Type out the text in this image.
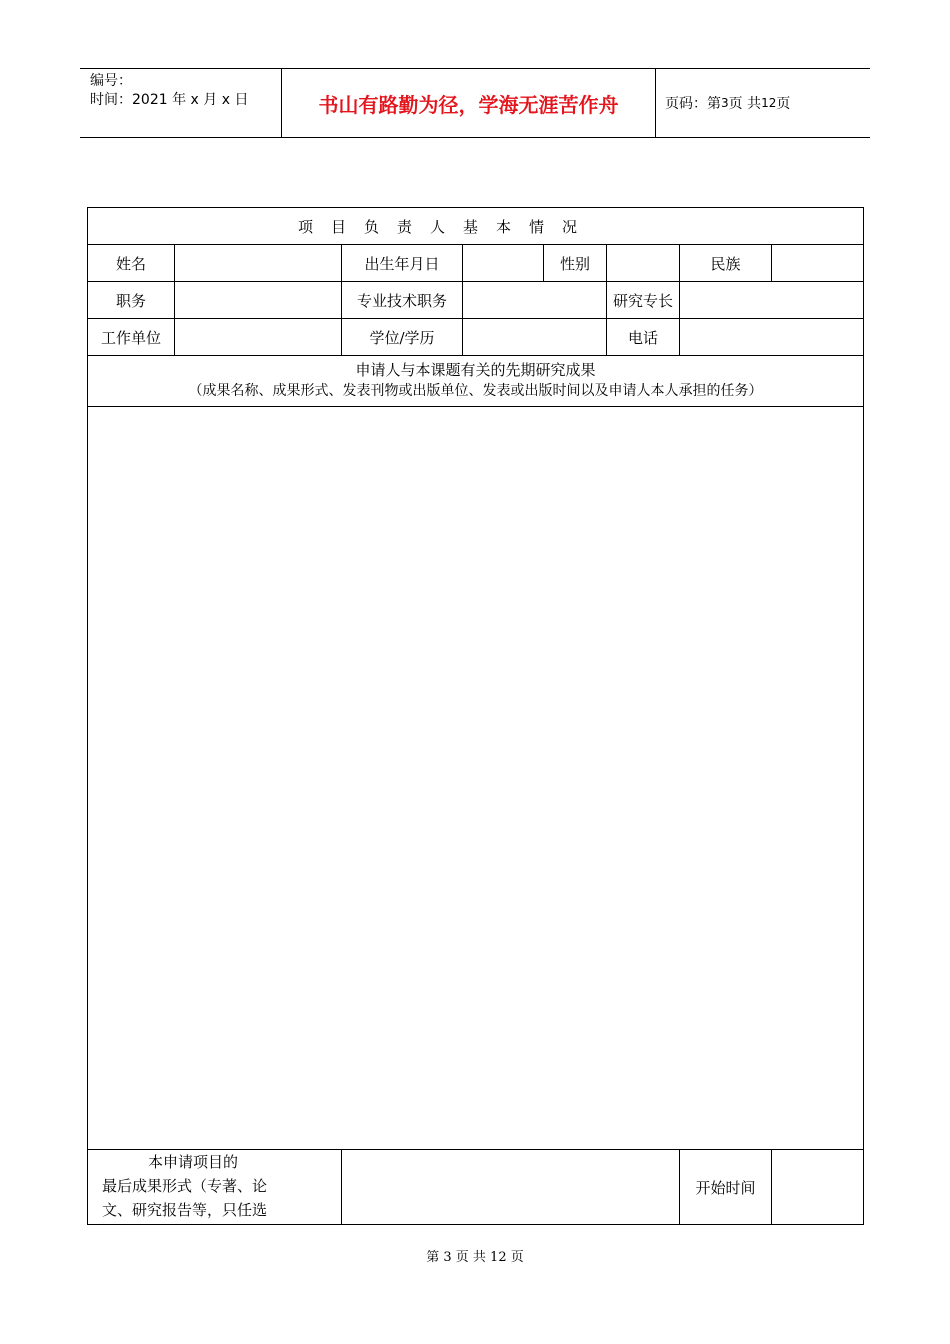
编号：
时间：2021 年 x 月 x 日	书山有路勤为径，学海无涯苦作舟	页码：第 3 页 共 12 页
项目负责人基本情况							
姓名		出生年月日		性别		民族	
职务		专业技术职务			研究专长		
工作单位		学位/学历			电话		

申请人与本课题有关的先期研究成果
（成果名称、成果形式、发表刊物或出版单位、发表或出版时间以及申请人本人承担的任务）							

本申请项目的
最后成果形式（专著、论
文、研究报告等，只任选						开始时间	
第 3 页 共 12 页
